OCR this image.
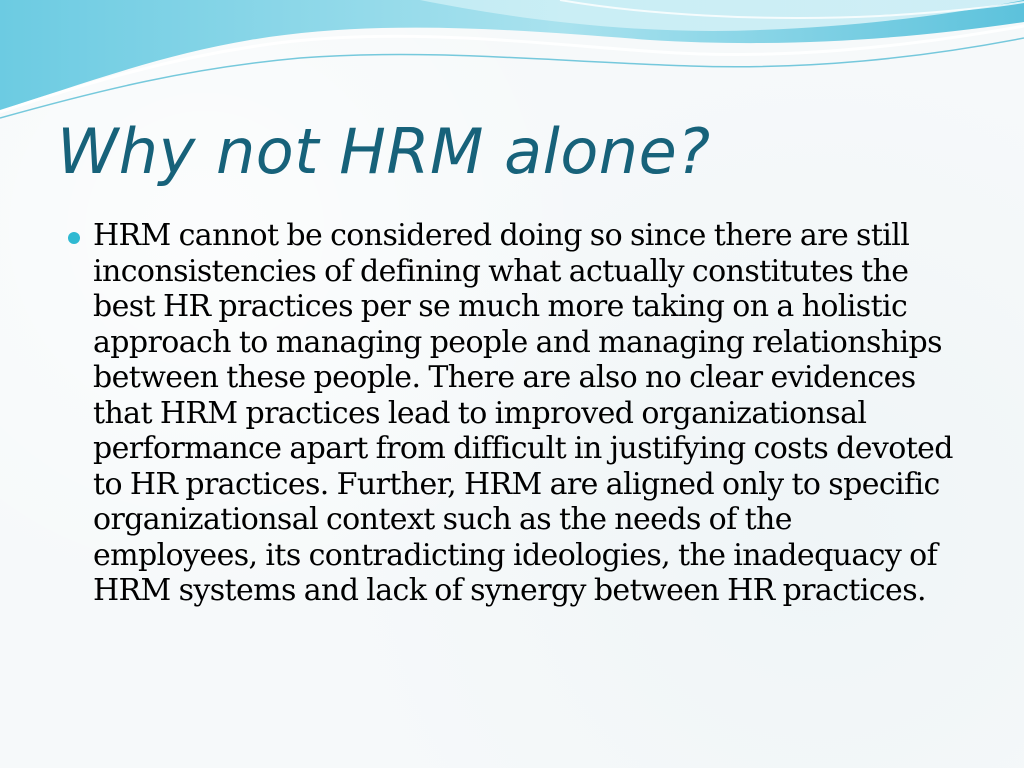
Why not HRM alone?

HRM cannot be considered doing so since there are still inconsistencies of defining what actually constitutes the best HR practices per se much more taking on a holistic approach to managing people and managing relationships between these people. There are also no clear evidences that HRM practices lead to improved organizationsal performance apart from difficult in justifying costs devoted to HR practices. Further, HRM are aligned only to specific organizationsal context such as the needs of the employees, its contradicting ideologies, the inadequacy of HRM systems and lack of synergy between HR practices.
